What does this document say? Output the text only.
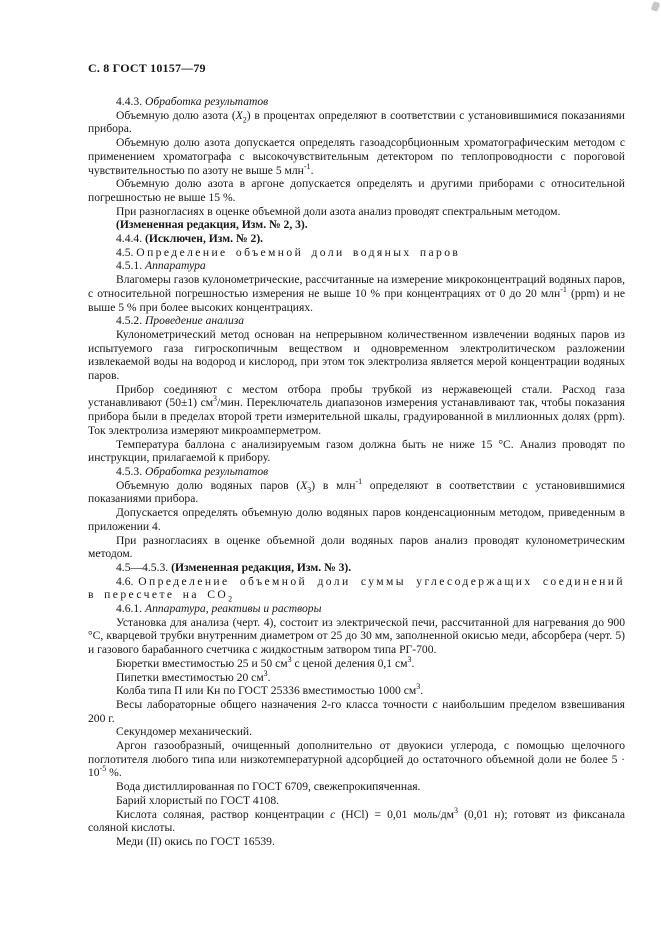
С. 8 ГОСТ 10157—79

4.4.3. Обработка результатов

Объемную долю азота $(Х_2)$ в процентах определяют в соответствии с установившимися показаниями прибора.

Объемную долю азота допускается определять газоадсорбционным хроматографическим методом с применением хроматографа с высокочувствительным детектором по теплопроводности с пороговой чувствительностью по азоту не выше 5 млн$^{-1}$.

Объемную долю азота в аргоне допускается определять и другими приборами с относительной погрешностью не выше 15 %.

При разногласиях в оценке объемной доли азота анализ проводят спектральным методом.

(Измененная редакция, Изм. № 2, 3).

4.4.4. (Исключен, Изм. № 2).

4.5. Определение объемной доли водяных паров

4.5.1. Аппаратура

Влагомеры газов кулонометрические, рассчитанные на измерение микроконцентраций водяных паров, с относительной погрешностью измерения не выше 10 % при концентрациях от 0 до 20 млн$^{-1}$ (ррm) и не выше 5 % при более высоких концентрациях.

4.5.2. Проведение анализа

Кулонометрический метод основан на непрерывном количественном извлечении водяных паров из испытуемого газа гигроскопичным веществом и одновременном электролитическом разложении извлекаемой воды на водород и кислород, при этом ток электролиза является мерой концентрации водяных паров.

Прибор соединяют с местом отбора пробы трубкой из нержавеющей стали. Расход газа устанавливают (50±1) $см^3$/мин. Переключатель диапазонов измерения устанавливают так, чтобы показания прибора были в пределах второй трети измерительной шкалы, градуированной в миллионных долях (ррm). Ток электролиза измеряют микроамперметром.

Температура баллона с анализируемым газом должна быть не ниже 15 °С. Анализ проводят по инструкции, прилагаемой к прибору.

4.5.3. Обработка результатов

Объемную долю водяных паров $(Х_3)$ в млн$^{-1}$ определяют в соответствии с установившимися показаниями прибора.

Допускается определять объемную долю водяных паров конденсационным методом, приведенным в приложении 4.

При разногласиях в оценке объемной доли водяных паров анализ проводят кулонометрическим методом.

4.5—4.5.3. (Измененная редакция, Изм. № 3).

4.6. Определение объемной доли суммы углесодержащих соединений в пересчете на $СО_2$

4.6.1. Аппаратура, реактивы и растворы

Установка для анализа (черт. 4), состоит из электрической печи, рассчитанной для нагревания до 900 °С, кварцевой трубки внутренним диаметром от 25 до 30 мм, заполненной окисью меди, абсорбера (черт. 5) и газового барабанного счетчика с жидкостным затвором типа РГ-700.

Бюретки вместимостью 25 и 50 $см^3$ с ценой деления 0,1 $см^3$.

Пипетки вместимостью 20 $см^3$.

Колба типа П или Кн по ГОСТ 25336 вместимостью 1000 $см^3$.

Весы лабораторные общего назначения 2-го класса точности с наибольшим пределом взвешивания 200 г.

Секундомер механический.

Аргон газообразный, очищенный дополнительно от двуокиси углерода, с помощью щелочного поглотителя любого типа или низкотемпературной адсорбцией до остаточного объемной доли не более $5 \cdot 10^{-5}$ %.

Вода дистиллированная по ГОСТ 6709, свежепрокипяченная.

Барий хлористый по ГОСТ 4108.

Кислота соляная, раствор концентрации с (НСl) = 0,01 моль/$дм^3$ (0,01 н); готовят из фиксанала соляной кислоты.

Меди (II) окись по ГОСТ 16539.
